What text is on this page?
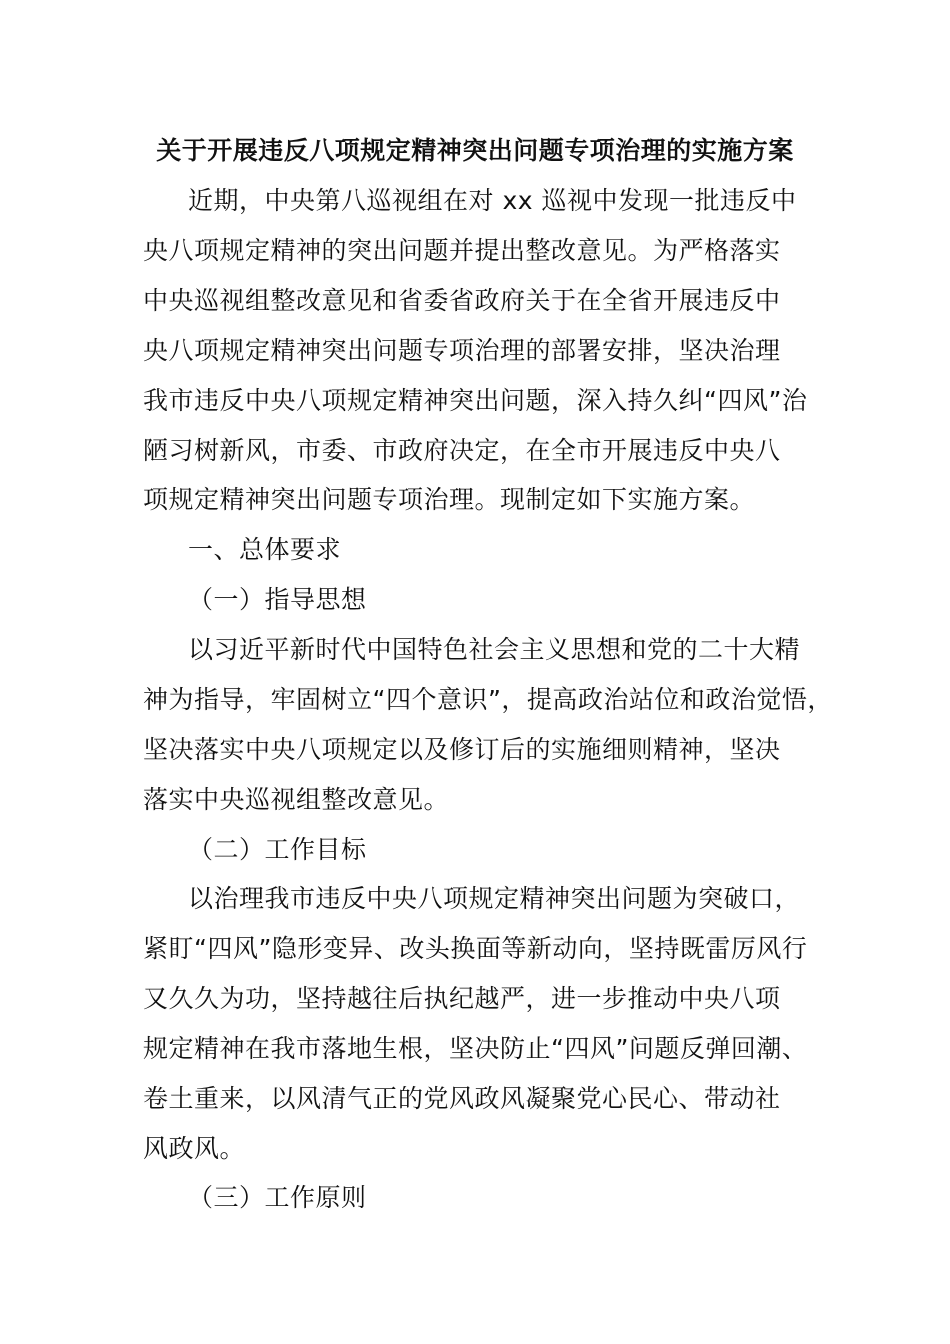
关于开展违反八项规定精神突出问题专项治理的实施方案
近期，中央第八巡视组在对 xx 巡视中发现一批违反中
央八项规定精神的突出问题并提出整改意见。为严格落实
中央巡视组整改意见和省委省政府关于在全省开展违反中
央八项规定精神突出问题专项治理的部署安排，坚决治理
我市违反中央八项规定精神突出问题，深入持久纠“四风”治
陋习树新风，市委、市政府决定，在全市开展违反中央八
项规定精神突出问题专项治理。现制定如下实施方案。
一、总体要求
（一）指导思想
以习近平新时代中国特色社会主义思想和党的二十大精
神为指导，牢固树立“四个意识”，提高政治站位和政治觉悟，
坚决落实中央八项规定以及修订后的实施细则精神，坚决
落实中央巡视组整改意见。
（二）工作目标
以治理我市违反中央八项规定精神突出问题为突破口，
紧盯“四风”隐形变异、改头换面等新动向，坚持既雷厉风行
又久久为功，坚持越往后执纪越严，进一步推动中央八项
规定精神在我市落地生根，坚决防止“四风”问题反弹回潮、
卷土重来，以风清气正的党风政风凝聚党心民心、带动社
风政风。
（三）工作原则
